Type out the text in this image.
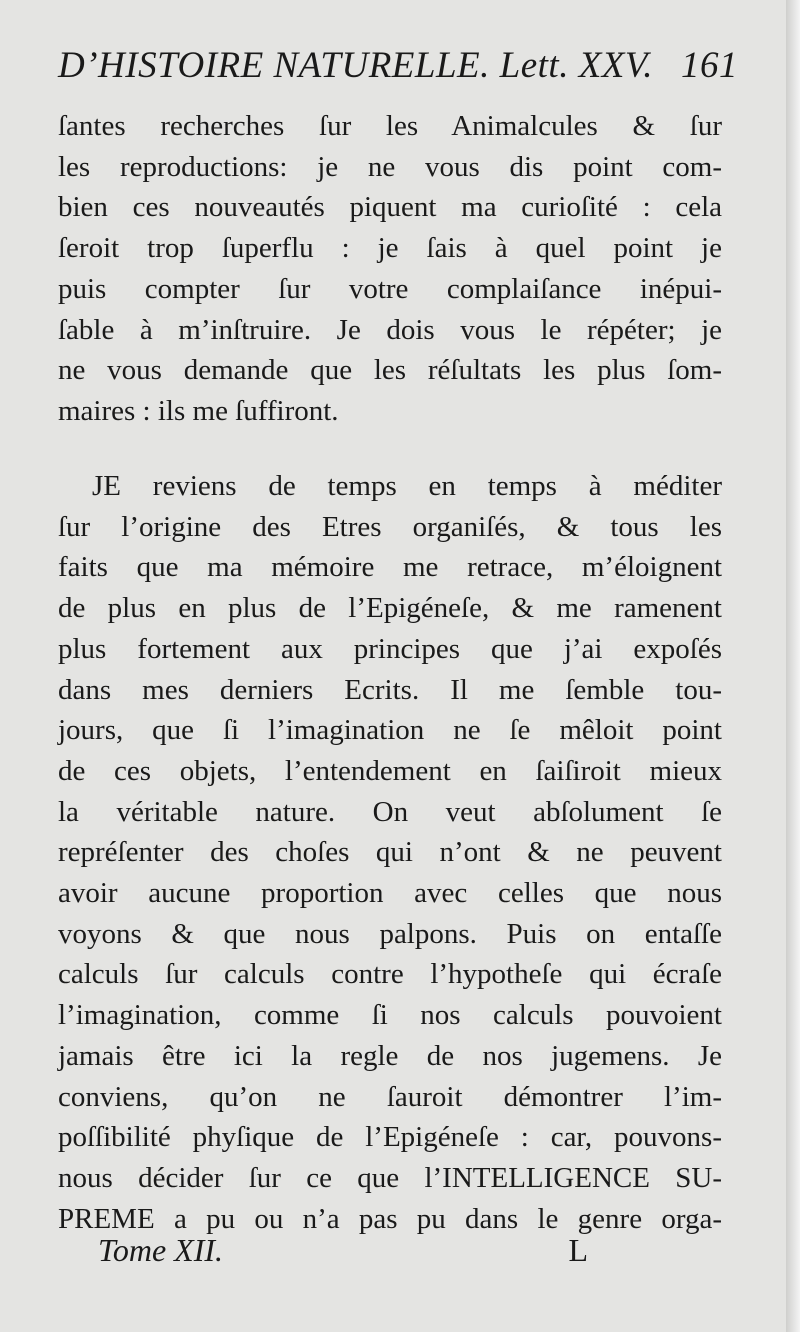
D’HISTOIRE NATURELLE. Lett. XXV. 161
ſantes recherches ſur les Animalcules & ſur
les reproductions: je ne vous dis point com-
bien ces nouveautés piquent ma curioſité : cela
ſeroit trop ſuperflu : je ſais à quel point je
puis compter ſur votre complaiſance inépui-
ſable à m’inſtruire. Je dois vous le répéter; je
ne vous demande que les réſultats les plus ſom-
maires : ils me ſuffiront.
JE reviens de temps en temps à méditer
ſur l’origine des Etres organiſés, & tous les
faits que ma mémoire me retrace, m’éloignent
de plus en plus de l’Epigéneſe, & me ramenent
plus fortement aux principes que j’ai expoſés
dans mes derniers Ecrits. Il me ſemble tou-
jours, que ſi l’imagination ne ſe mêloit point
de ces objets, l’entendement en ſaiſiroit mieux
la véritable nature. On veut abſolument ſe
repréſenter des choſes qui n’ont & ne peuvent
avoir aucune proportion avec celles que nous
voyons & que nous palpons. Puis on entaſſe
calculs ſur calculs contre l’hypotheſe qui écraſe
l’imagination, comme ſi nos calculs pouvoient
jamais être ici la regle de nos jugemens. Je
conviens, qu’on ne ſauroit démontrer l’im-
poſſibilité phyſique de l’Epigéneſe : car, pouvons-
nous décider ſur ce que l’INTELLIGENCE SU-
PREME a pu ou n’a pas pu dans le genre orga-
Tome XII.	L
